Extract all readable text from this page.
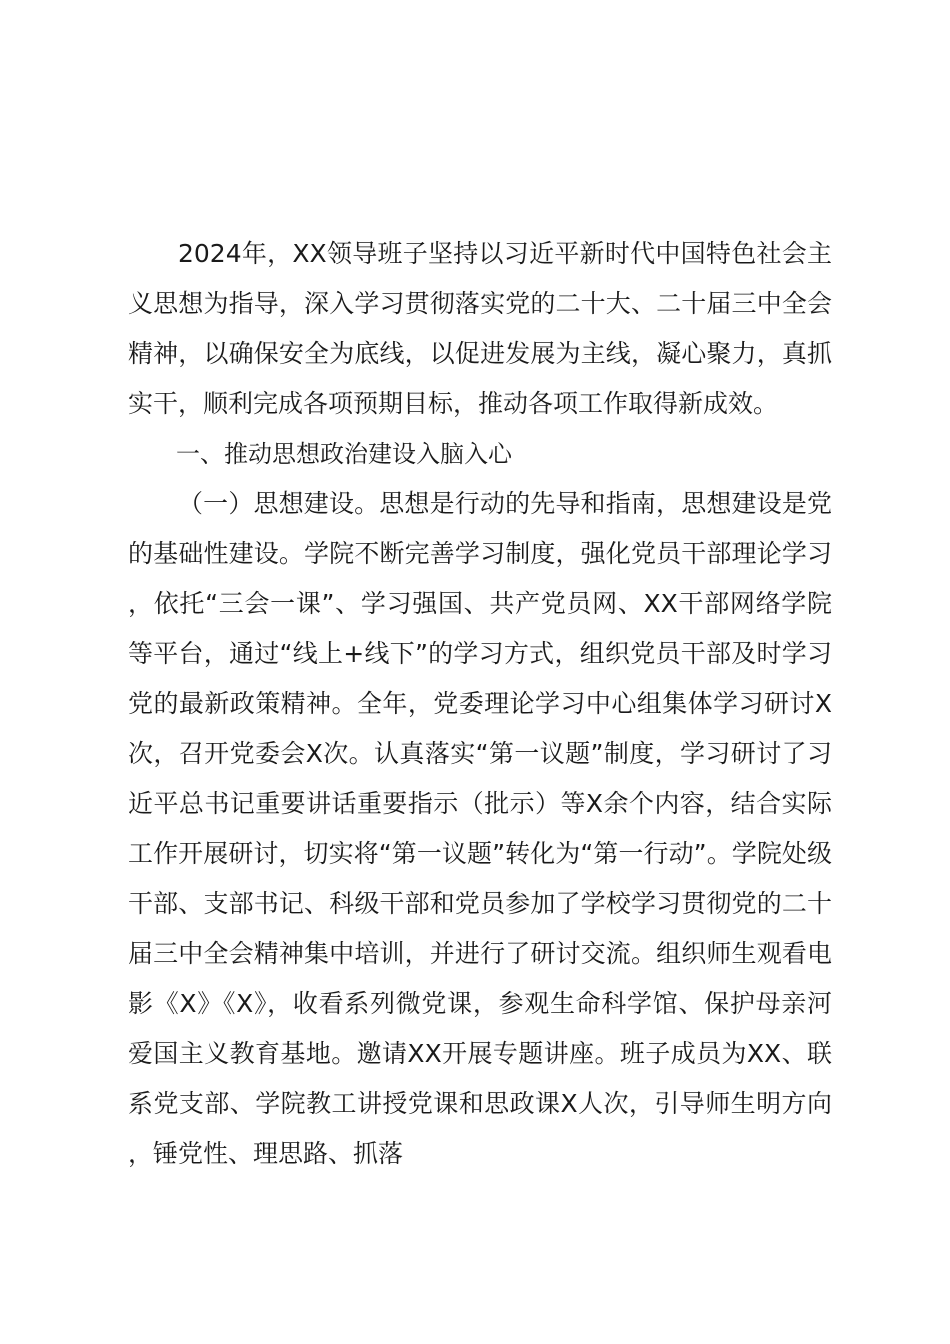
2024年，XX领导班子坚持以习近平新时代中国特色社会主义思想为指导，深入学习贯彻落实党的二十大、二十届三中全会精神，以确保安全为底线，以促进发展为主线，凝心聚力，真抓实干，顺利完成各项预期目标，推动各项工作取得新成效。

一、推动思想政治建设入脑入心

（一）思想建设。思想是行动的先导和指南，思想建设是党的基础性建设。学院不断完善学习制度，强化党员干部理论学习，依托“三会一课”、学习强国、共产党员网、XX干部网络学院等平台，通过“线上+线下”的学习方式，组织党员干部及时学习党的最新政策精神。全年，党委理论学习中心组集体学习研讨X次，召开党委会X次。认真落实“第一议题”制度，学习研讨了习近平总书记重要讲话重要指示（批示）等X余个内容，结合实际工作开展研讨，切实将“第一议题”转化为“第一行动”。学院处级干部、支部书记、科级干部和党员参加了学校学习贯彻党的二十届三中全会精神集中培训，并进行了研讨交流。组织师生观看电影《X》《X》，收看系列微党课，参观生命科学馆、保护母亲河爱国主义教育基地。邀请XX开展专题讲座。班子成员为XX、联系党支部、学院教工讲授党课和思政课X人次，引导师生明方向，锤党性、理思路、抓落
